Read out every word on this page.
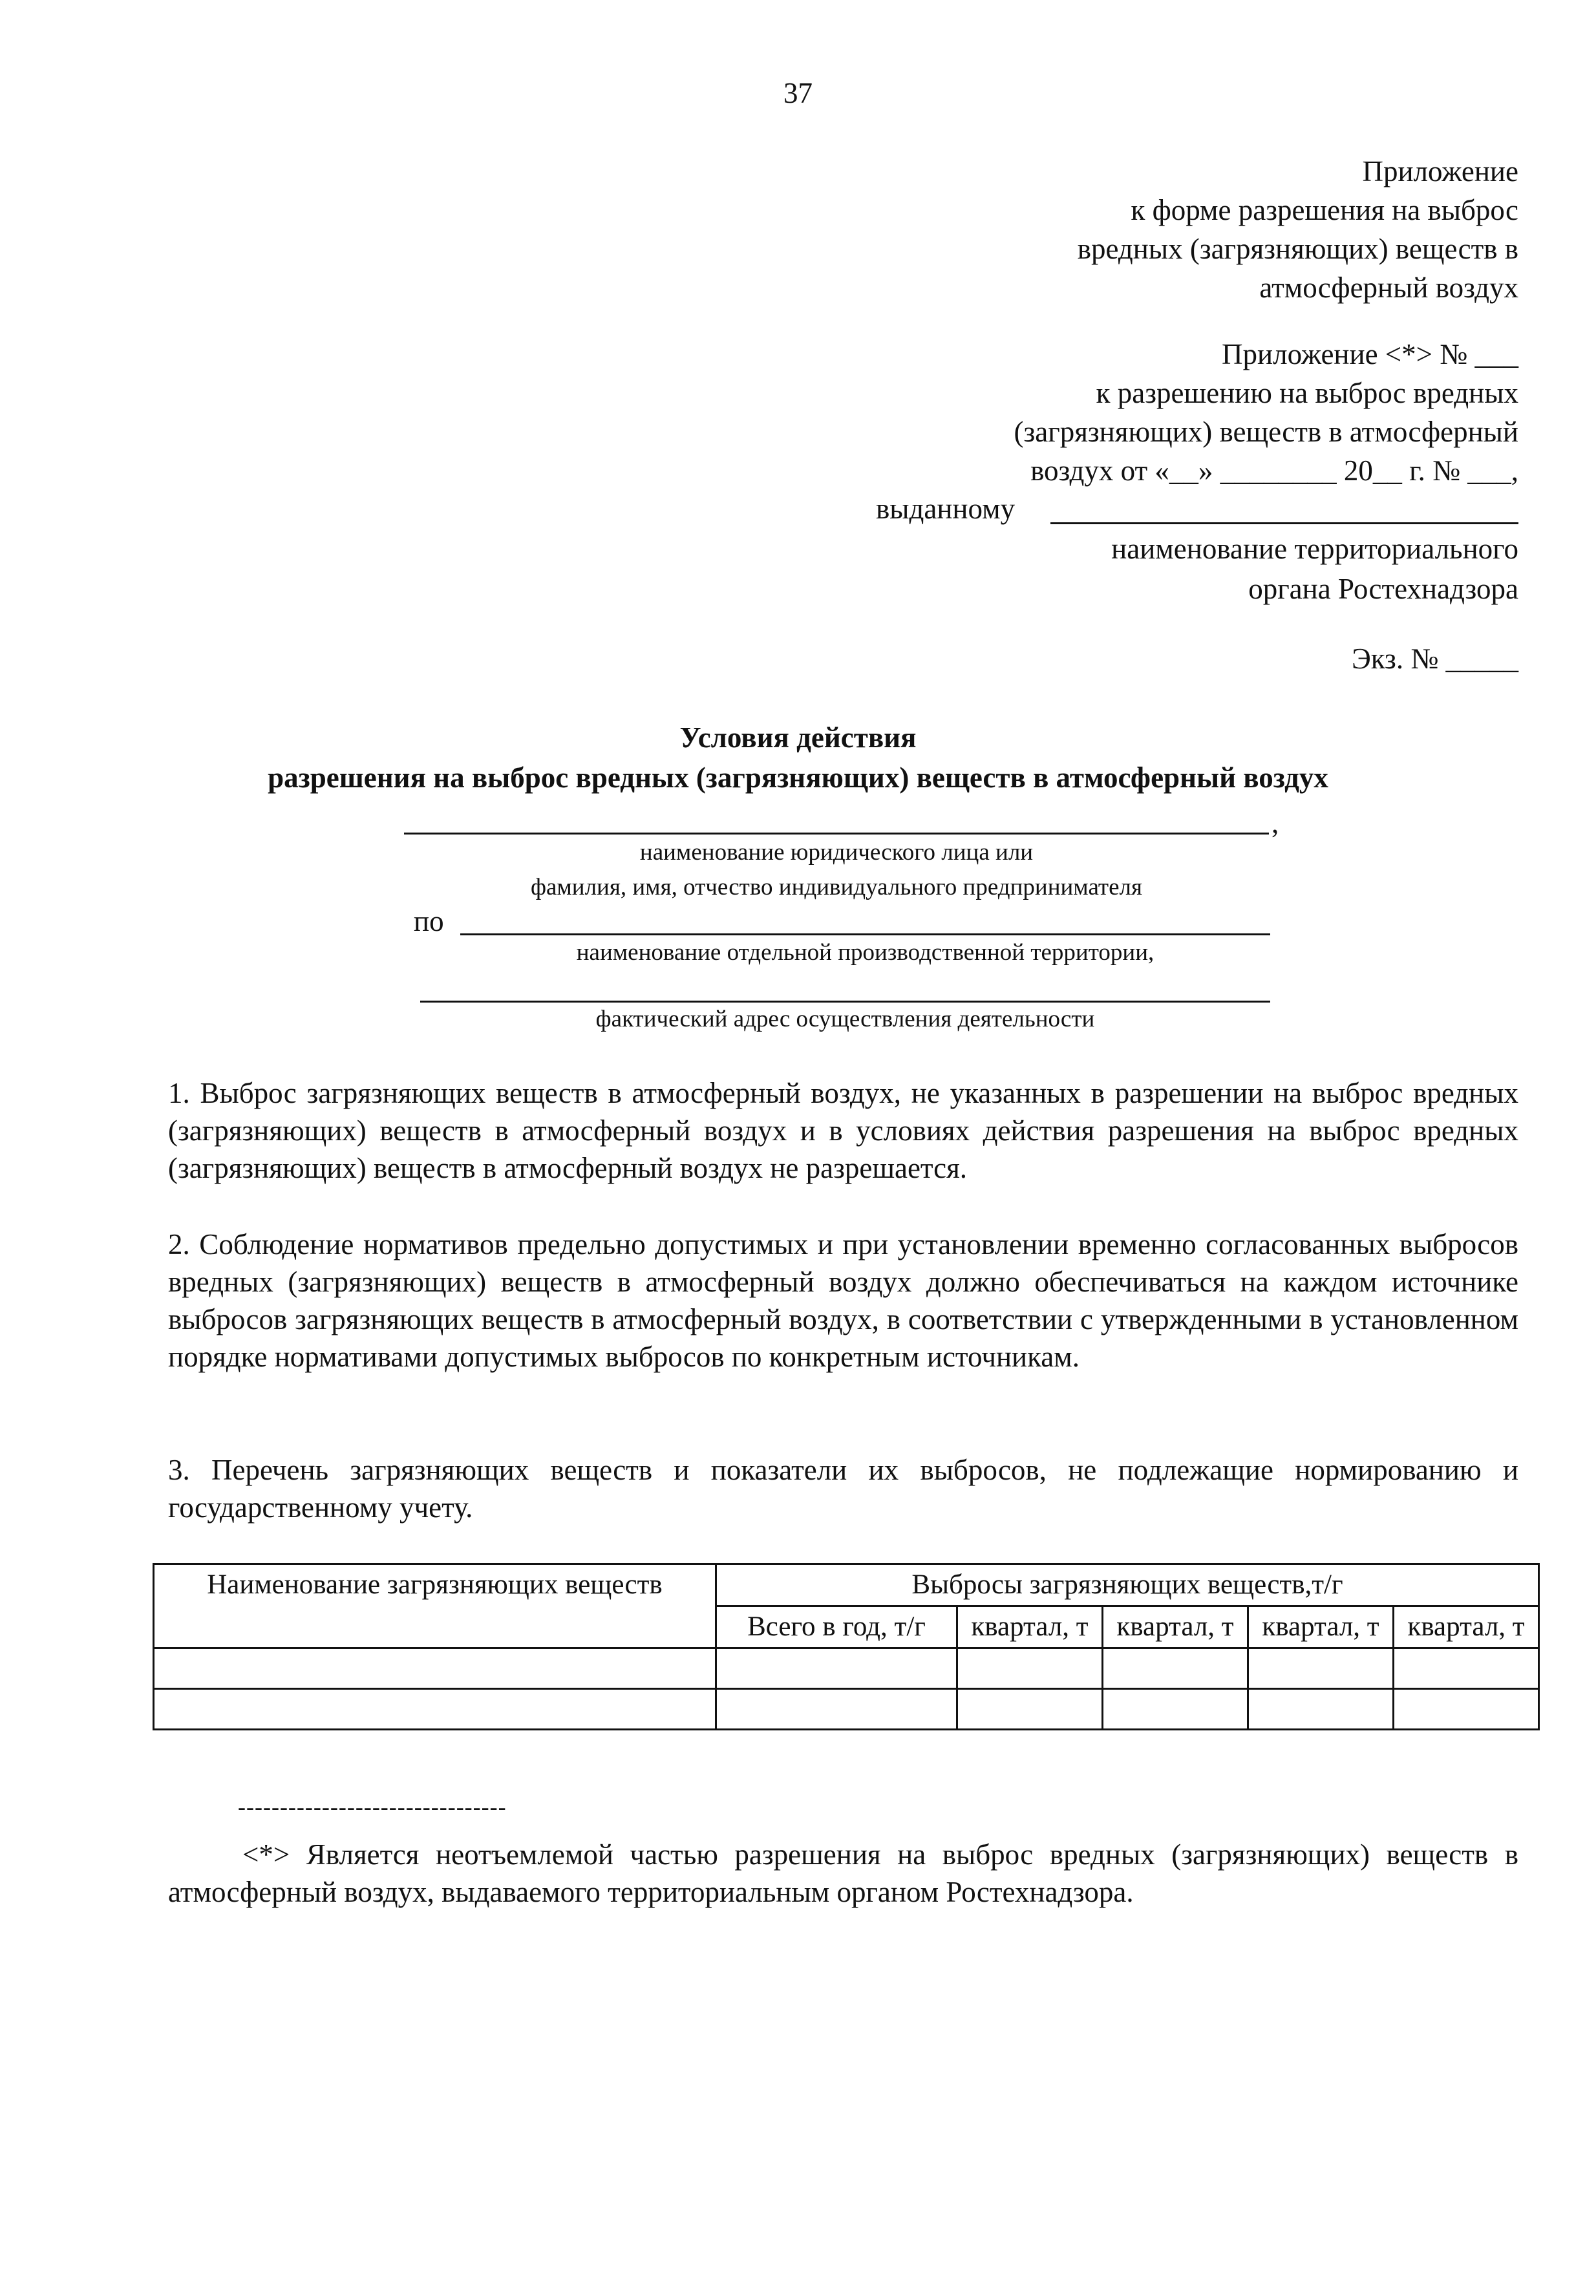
37
Приложение
к форме разрешения на выброс
вредных (загрязняющих) веществ в
атмосферный воздух
Приложение <*> № ___
к разрешению на выброс вредных
(загрязняющих) веществ в атмосферный
воздух от «__» ________ 20__ г. № ___,
выданному
наименование территориального
органа Ростехнадзора
Экз. № _____
Условия действия
разрешения на выброс вредных (загрязняющих) веществ в атмосферный воздух
,
наименование юридического лица или
фамилия, имя, отчество индивидуального предпринимателя
по
наименование отдельной производственной территории,
фактический адрес осуществления деятельности
1. Выброс загрязняющих веществ в атмосферный воздух, не указанных в разрешении на выброс вредных (загрязняющих) веществ в атмосферный воздух и в условиях действия разрешения на выброс вредных (загрязняющих) веществ в атмосферный воздух не разрешается.
2. Соблюдение нормативов предельно допустимых и при установлении временно согласованных выбросов вредных (загрязняющих) веществ в атмосферный воздух должно обеспечиваться на каждом источнике выбросов загрязняющих веществ в атмосферный воздух, в соответствии с утвержденными в установленном порядке нормативами допустимых выбросов по конкретным источникам.
3. Перечень загрязняющих веществ и показатели их выбросов, не подлежащие нормированию и государственному учету.
Наименование загрязняющих веществ	Выбросы загрязняющих веществ,т/г				
	Всего в год, т/г	квартал, т	квартал, т	квартал, т	квартал, т

--------------------------------
<*> Является неотъемлемой частью разрешения на выброс вредных (загрязняющих) веществ в атмосферный воздух, выдаваемого территориальным органом Ростехнадзора.
